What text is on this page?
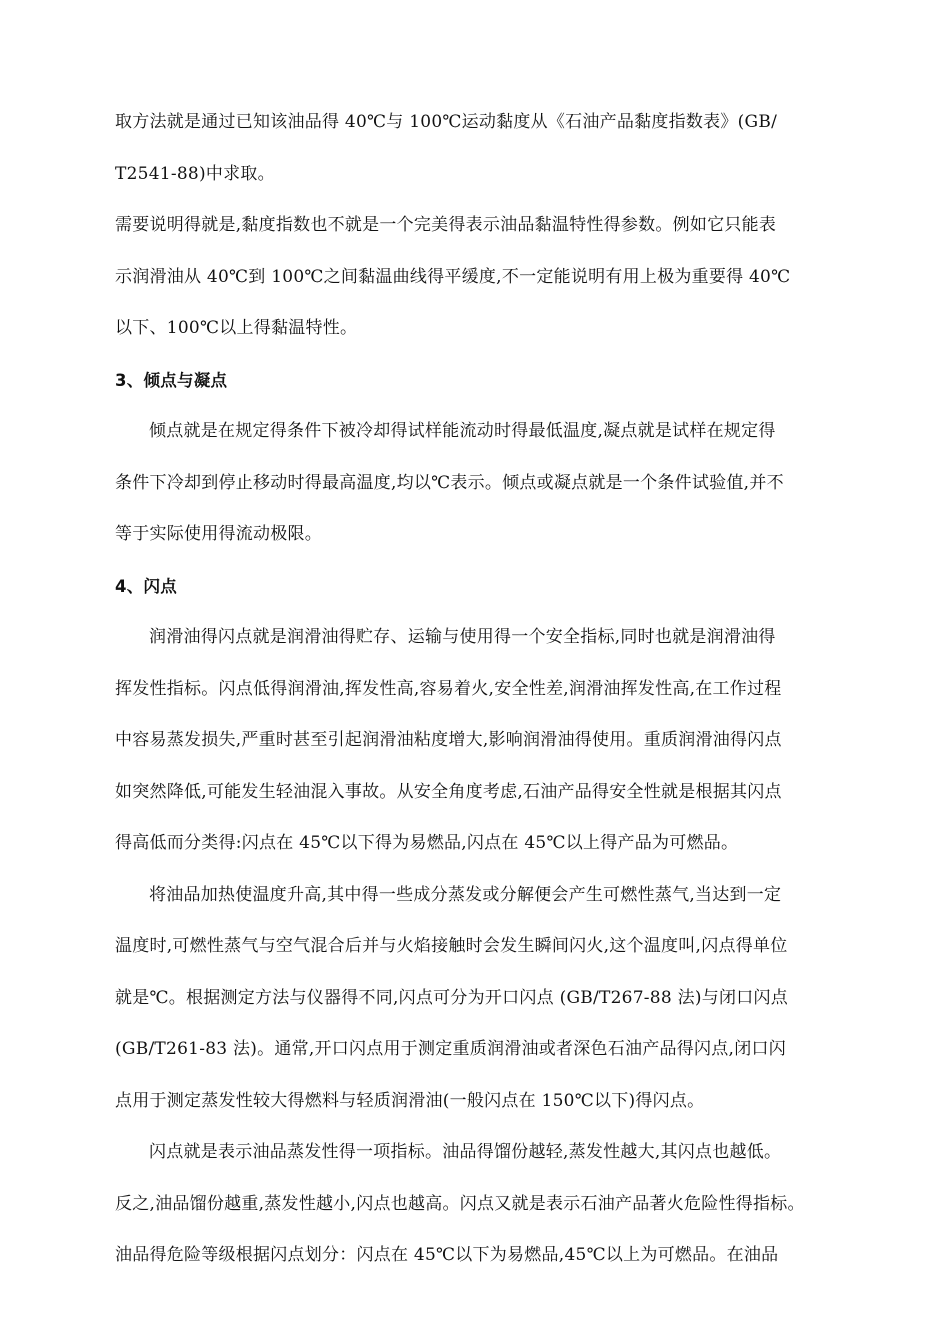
取方法就是通过已知该油品得 40℃与 100℃运动黏度从《石油产品黏度指数表》(GB/
T2541-88)中求取。
需要说明得就是,黏度指数也不就是一个完美得表示油品黏温特性得参数。例如它只能表
示润滑油从 40℃到 100℃之间黏温曲线得平缓度,不一定能说明有用上极为重要得 40℃
以下、100℃以上得黏温特性。
3、倾点与凝点
倾点就是在规定得条件下被冷却得试样能流动时得最低温度,凝点就是试样在规定得
条件下冷却到停止移动时得最高温度,均以℃表示。倾点或凝点就是一个条件试验值,并不
等于实际使用得流动极限。
4、闪点
润滑油得闪点就是润滑油得贮存、运输与使用得一个安全指标,同时也就是润滑油得
挥发性指标。闪点低得润滑油,挥发性高,容易着火,安全性差,润滑油挥发性高,在工作过程
中容易蒸发损失,严重时甚至引起润滑油粘度增大,影响润滑油得使用。重质润滑油得闪点
如突然降低,可能发生轻油混入事故。从安全角度考虑,石油产品得安全性就是根据其闪点
得高低而分类得:闪点在 45℃以下得为易燃品,闪点在 45℃以上得产品为可燃品。
将油品加热使温度升高,其中得一些成分蒸发或分解便会产生可燃性蒸气,当达到一定
温度时,可燃性蒸气与空气混合后并与火焰接触时会发生瞬间闪火,这个温度叫,闪点得单位
就是℃。根据测定方法与仪器得不同,闪点可分为开口闪点 (GB/T267-88 法)与闭口闪点
(GB/T261-83 法)。通常,开口闪点用于测定重质润滑油或者深色石油产品得闪点,闭口闪
点用于测定蒸发性较大得燃料与轻质润滑油(一般闪点在 150℃以下)得闪点。
闪点就是表示油品蒸发性得一项指标。油品得馏份越轻,蒸发性越大,其闪点也越低。
反之,油品馏份越重,蒸发性越小,闪点也越高。闪点又就是表示石油产品著火危险性得指标。
油品得危险等级根据闪点划分：闪点在 45℃以下为易燃品,45℃以上为可燃品。在油品
